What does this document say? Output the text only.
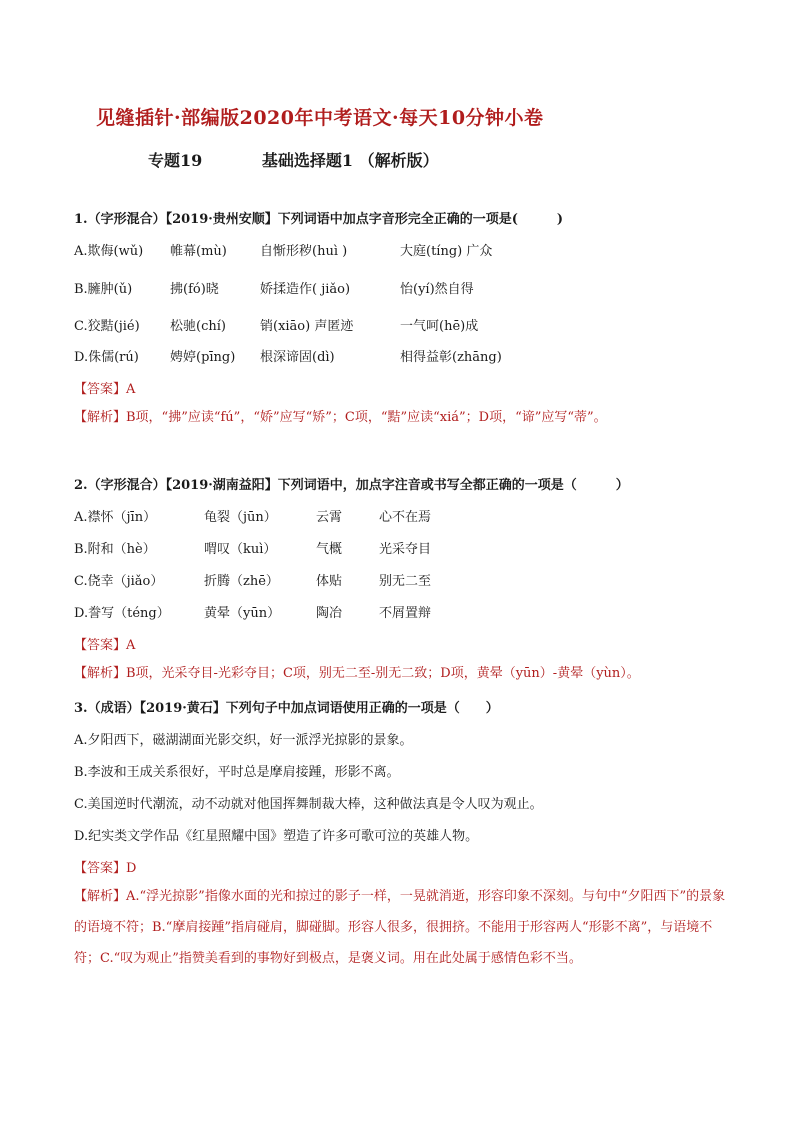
见缝插针·部编版2020年中考语文·每天10分钟小卷
专题19	基础选择题1 （解析版）
1.（字形混合）【2019·贵州安顺】下列词语中加点字音形完全正确的一项是(　　　)
A.欺侮(wǔ) 帷幕(mù)	自惭形秽(huì )	大庭(tíng) 广众
B.臃肿(ǔ)	拂(fó)晓	娇揉造作( jiǎo)	怡(yí)然自得
C.狡黠(jié) 松驰(chí)	销(xiāo) 声匿迹	一气呵(hē)成
D.侏儒(rú) 娉婷(pīng) 根深谛固(dì)	相得益彰(zhāng)
【答案】A
【解析】B项，“拂”应读“fú”，“娇”应写“矫”；C项，“黠”应读“xiá”；D项，“谛”应写“蒂”。
2.（字形混合）【2019·湖南益阳】下列词语中，加点字注音或书写全都正确的一项是（　　　）
A.襟怀（jīn）	龟裂（jūn）	云霄	心不在焉
B.附和（hè）	喟叹（kuì）	气概	光采夺目
C.侥幸（jiǎo）	折腾（zhē）	体贴	别无二至
D.誊写（téng）	黄晕（yūn）	陶冶	不屑置辩
【答案】A
【解析】B项，光采夺目-光彩夺目；C项，别无二至-别无二致；D项，黄晕（yūn）-黄晕（yùn）。
3.（成语）【2019·黄石】下列句子中加点词语使用正确的一项是（　　）
A.夕阳西下，磁湖湖面光影交织，好一派浮光掠影的景象。
B.李波和王成关系很好，平时总是摩肩接踵，形影不离。
C.美国逆时代潮流，动不动就对他国挥舞制裁大棒，这种做法真是令人叹为观止。
D.纪实类文学作品《红星照耀中国》塑造了许多可歌可泣的英雄人物。
【答案】D
【解析】A.“浮光掠影”指像水面的光和掠过的影子一样，一晃就消逝，形容印象不深刻。与句中“夕阳西下”的景象的语境不符；B.“摩肩接踵”指肩碰肩，脚碰脚。形容人很多，很拥挤。不能用于形容两人“形影不离”，与语境不符；C.“叹为观止”指赞美看到的事物好到极点，是褒义词。用在此处属于感情色彩不当。
